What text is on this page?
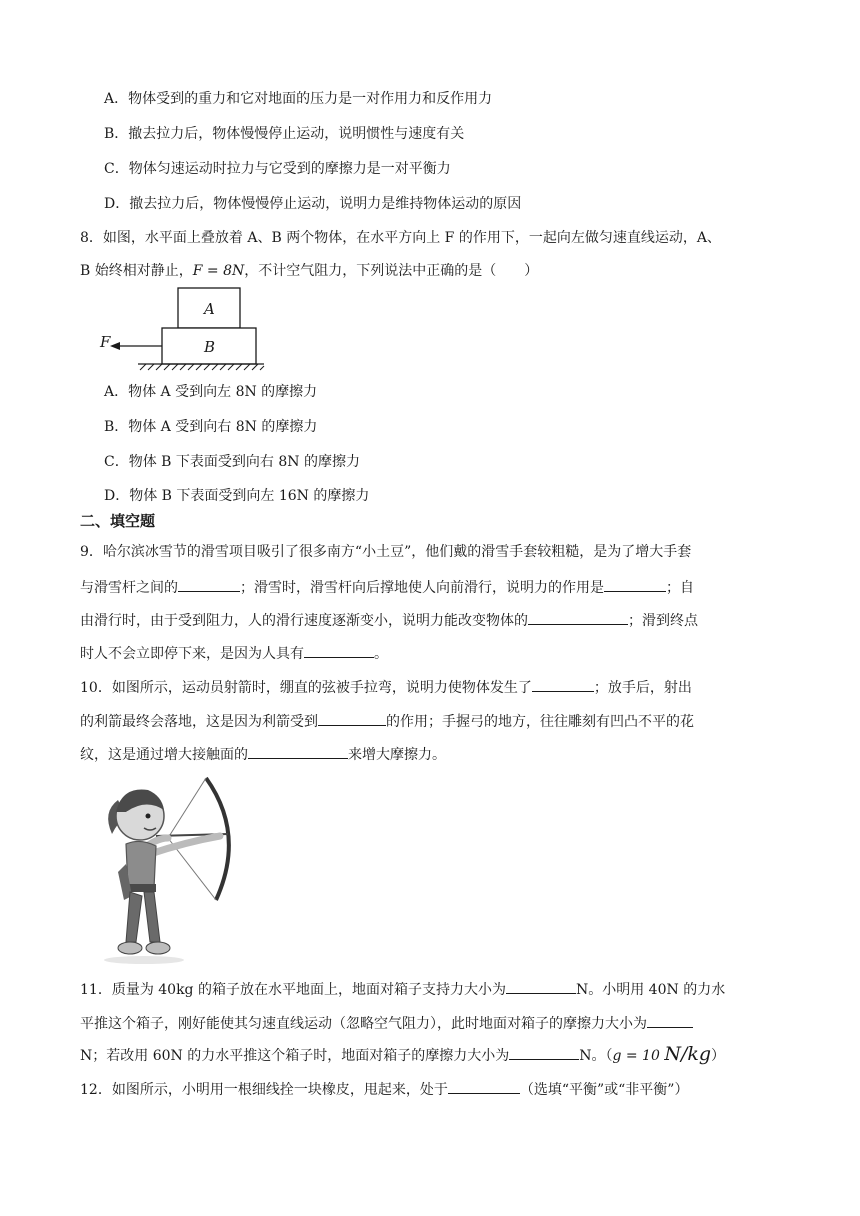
A．物体受到的重力和它对地面的压力是一对作用力和反作用力
B．撤去拉力后，物体慢慢停止运动，说明惯性与速度有关
C．物体匀速运动时拉力与它受到的摩擦力是一对平衡力
D．撤去拉力后，物体慢慢停止运动，说明力是维持物体运动的原因
8．如图，水平面上叠放着 A、B 两个物体，在水平方向上 F 的作用下，一起向左做匀速直线运动，A、
B 始终相对静止，F = 8N，不计空气阻力，下列说法中正确的是（　　）
F
A
B
A．物体 A 受到向左 8N 的摩擦力
B．物体 A 受到向右 8N 的摩擦力
C．物体 B 下表面受到向右 8N 的摩擦力
D．物体 B 下表面受到向左 16N 的摩擦力
二、填空题
9．哈尔滨冰雪节的滑雪项目吸引了很多南方“小土豆”，他们戴的滑雪手套较粗糙，是为了增大手套
与滑雪杆之间的	；滑雪时，滑雪杆向后撑地使人向前滑行，说明力的作用是	；自
由滑行时，由于受到阻力，人的滑行速度逐渐变小，说明力能改变物体的	；滑到终点
时人不会立即停下来，是因为人具有	。
10．如图所示，运动员射箭时，绷直的弦被手拉弯，说明力使物体发生了	；放手后，射出
的利箭最终会落地，这是因为利箭受到	的作用；手握弓的地方，往往雕刻有凹凸不平的花
纹，这是通过增大接触面的	来增大摩擦力。
11．质量为 40kg 的箱子放在水平地面上，地面对箱子支持力大小为	N。小明用 40N 的力水
平推这个箱子，刚好能使其匀速直线运动（忽略空气阻力），此时地面对箱子的摩擦力大小为
N；若改用 60N 的力水平推这个箱子时，地面对箱子的摩擦力大小为	N。（g = 10 N/kg）
12．如图所示，小明用一根细线拴一块橡皮，甩起来，处于	（选填“平衡”或“非平衡”）
